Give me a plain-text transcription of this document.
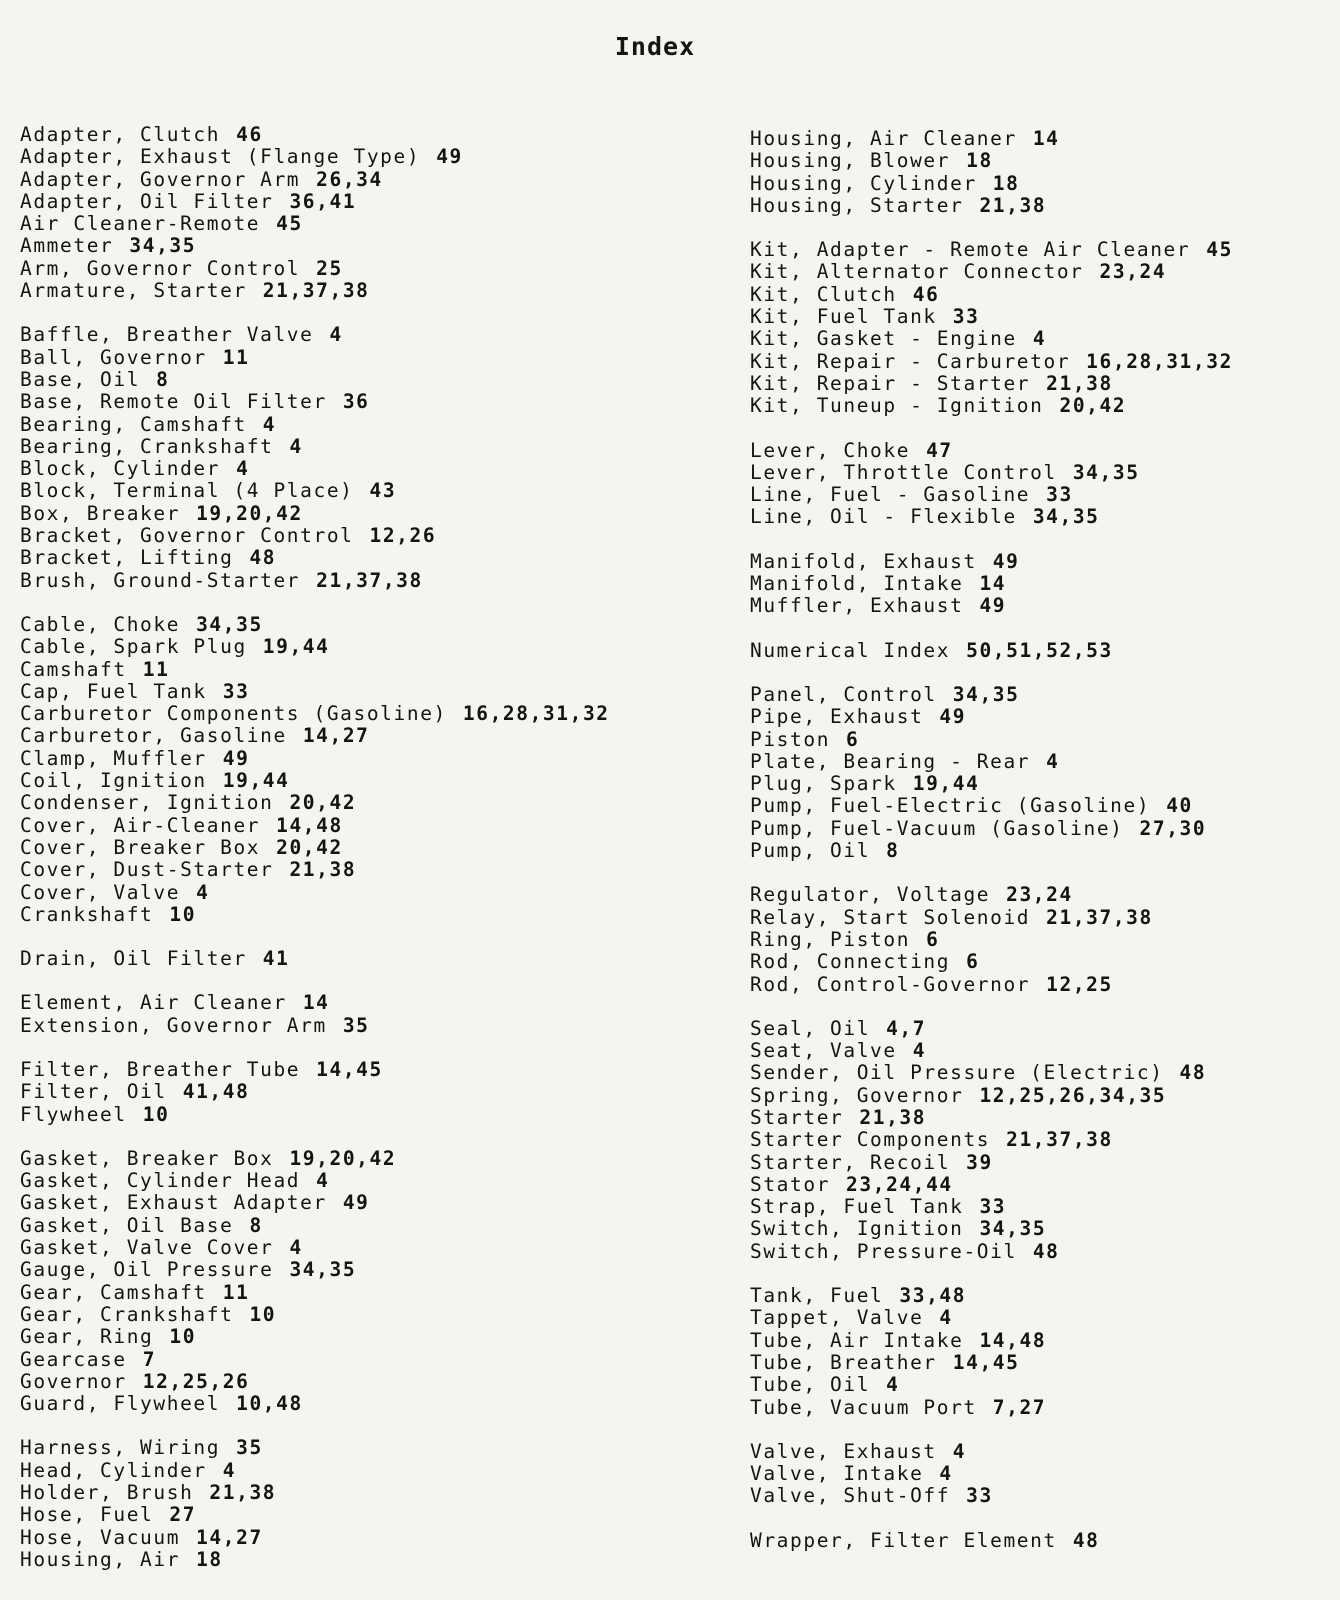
Index
Adapter, Clutch 46
Adapter, Exhaust (Flange Type) 49
Adapter, Governor Arm 26,34
Adapter, Oil Filter 36,41
Air Cleaner-Remote 45
Ammeter 34,35
Arm, Governor Control 25
Armature, Starter 21,37,38
Baffle, Breather Valve 4
Ball, Governor 11
Base, Oil 8
Base, Remote Oil Filter 36
Bearing, Camshaft 4
Bearing, Crankshaft 4
Block, Cylinder 4
Block, Terminal (4 Place) 43
Box, Breaker 19,20,42
Bracket, Governor Control 12,26
Bracket, Lifting 48
Brush, Ground-Starter 21,37,38
Cable, Choke 34,35
Cable, Spark Plug 19,44
Camshaft 11
Cap, Fuel Tank 33
Carburetor Components (Gasoline) 16,28,31,32
Carburetor, Gasoline 14,27
Clamp, Muffler 49
Coil, Ignition 19,44
Condenser, Ignition 20,42
Cover, Air-Cleaner 14,48
Cover, Breaker Box 20,42
Cover, Dust-Starter 21,38
Cover, Valve 4
Crankshaft 10
Drain, Oil Filter 41
Element, Air Cleaner 14
Extension, Governor Arm 35
Filter, Breather Tube 14,45
Filter, Oil 41,48
Flywheel 10
Gasket, Breaker Box 19,20,42
Gasket, Cylinder Head 4
Gasket, Exhaust Adapter 49
Gasket, Oil Base 8
Gasket, Valve Cover 4
Gauge, Oil Pressure 34,35
Gear, Camshaft 11
Gear, Crankshaft 10
Gear, Ring 10
Gearcase 7
Governor 12,25,26
Guard, Flywheel 10,48
Harness, Wiring 35
Head, Cylinder 4
Holder, Brush 21,38
Hose, Fuel 27
Hose, Vacuum 14,27
Housing, Air 18
Housing, Air Cleaner 14
Housing, Blower 18
Housing, Cylinder 18
Housing, Starter 21,38
Kit, Adapter - Remote Air Cleaner 45
Kit, Alternator Connector 23,24
Kit, Clutch 46
Kit, Fuel Tank 33
Kit, Gasket - Engine 4
Kit, Repair - Carburetor 16,28,31,32
Kit, Repair - Starter 21,38
Kit, Tuneup - Ignition 20,42
Lever, Choke 47
Lever, Throttle Control 34,35
Line, Fuel - Gasoline 33
Line, Oil - Flexible 34,35
Manifold, Exhaust 49
Manifold, Intake 14
Muffler, Exhaust 49
Numerical Index 50,51,52,53
Panel, Control 34,35
Pipe, Exhaust 49
Piston 6
Plate, Bearing - Rear 4
Plug, Spark 19,44
Pump, Fuel-Electric (Gasoline) 40
Pump, Fuel-Vacuum (Gasoline) 27,30
Pump, Oil 8
Regulator, Voltage 23,24
Relay, Start Solenoid 21,37,38
Ring, Piston 6
Rod, Connecting 6
Rod, Control-Governor 12,25
Seal, Oil 4,7
Seat, Valve 4
Sender, Oil Pressure (Electric) 48
Spring, Governor 12,25,26,34,35
Starter 21,38
Starter Components 21,37,38
Starter, Recoil 39
Stator 23,24,44
Strap, Fuel Tank 33
Switch, Ignition 34,35
Switch, Pressure-Oil 48
Tank, Fuel 33,48
Tappet, Valve 4
Tube, Air Intake 14,48
Tube, Breather 14,45
Tube, Oil 4
Tube, Vacuum Port 7,27
Valve, Exhaust 4
Valve, Intake 4
Valve, Shut-Off 33
Wrapper, Filter Element 48
